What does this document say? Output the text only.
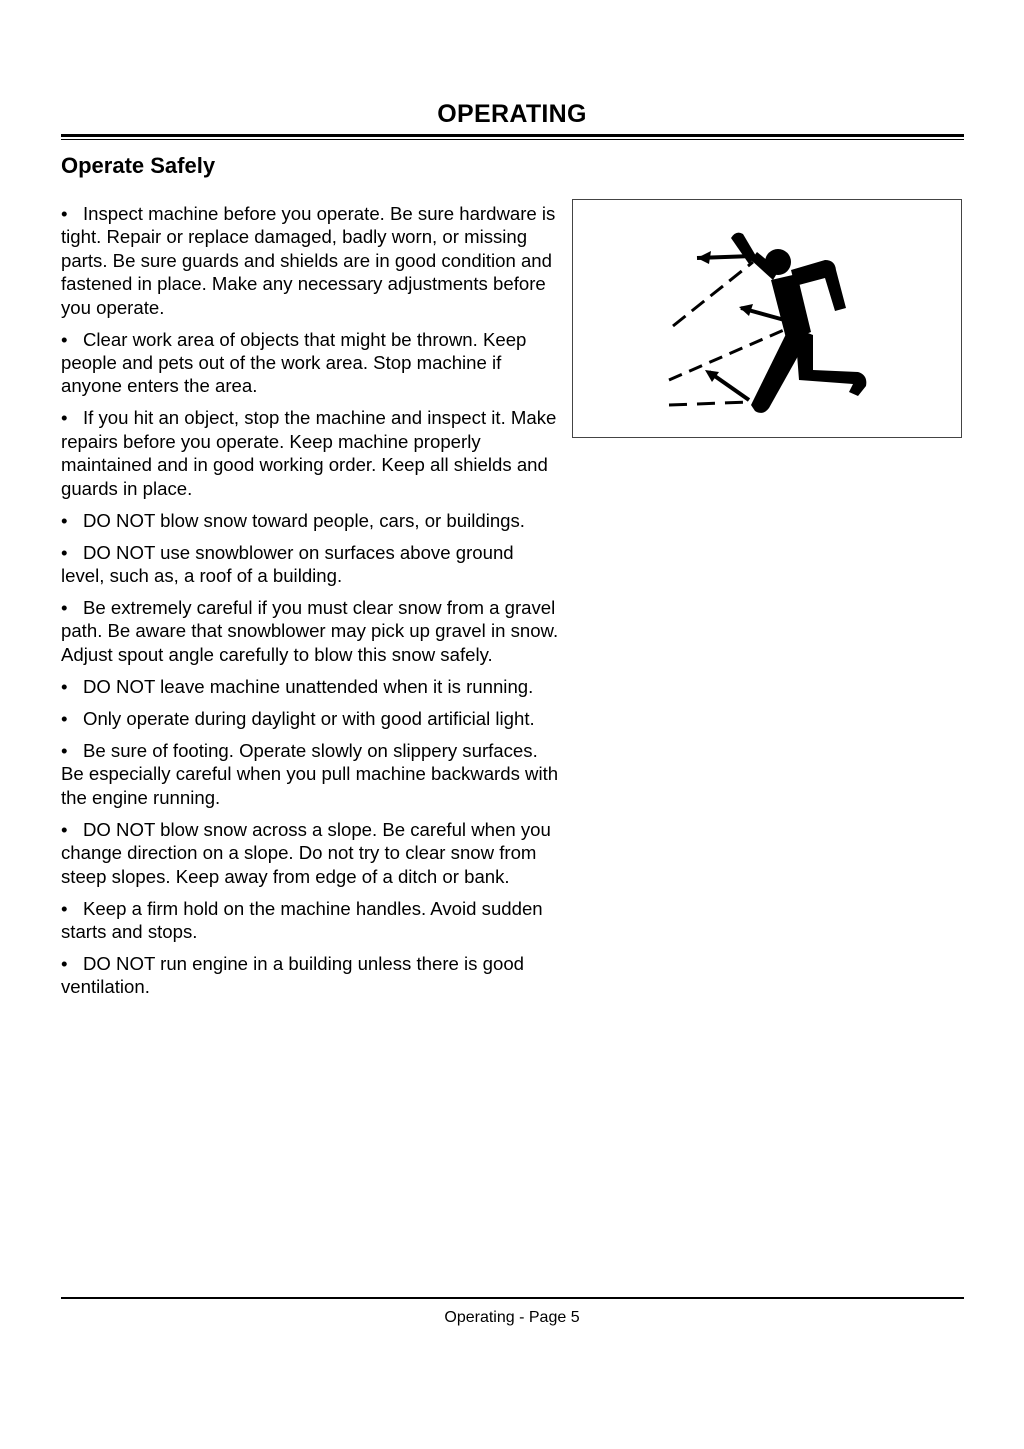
OPERATING
Operate Safely
• Inspect machine before you operate. Be sure hardware is tight. Repair or replace damaged, badly worn, or missing parts. Be sure guards and shields are in good condition and fastened in place. Make any necessary adjustments before you operate.
• Clear work area of objects that might be thrown. Keep people and pets out of the work area. Stop machine if anyone enters the area.
• If you hit an object, stop the machine and inspect it. Make repairs before you operate. Keep machine properly maintained and in good working order. Keep all shields and guards in place.
• DO NOT blow snow toward people, cars, or buildings.
• DO NOT use snowblower on surfaces above ground level, such as, a roof of a building.
• Be extremely careful if you must clear snow from a gravel path. Be aware that snowblower may pick up gravel in snow. Adjust spout angle carefully to blow this snow safely.
• DO NOT leave machine unattended when it is running.
• Only operate during daylight or with good artificial light.
• Be sure of footing. Operate slowly on slippery surfaces. Be especially careful when you pull machine backwards with the engine running.
• DO NOT blow snow across a slope. Be careful when you change direction on a slope. Do not try to clear snow from steep slopes. Keep away from edge of a ditch or bank.
• Keep a firm hold on the machine handles. Avoid sudden starts and stops.
• DO NOT run engine in a building unless there is good ventilation.
Operating - Page 5
